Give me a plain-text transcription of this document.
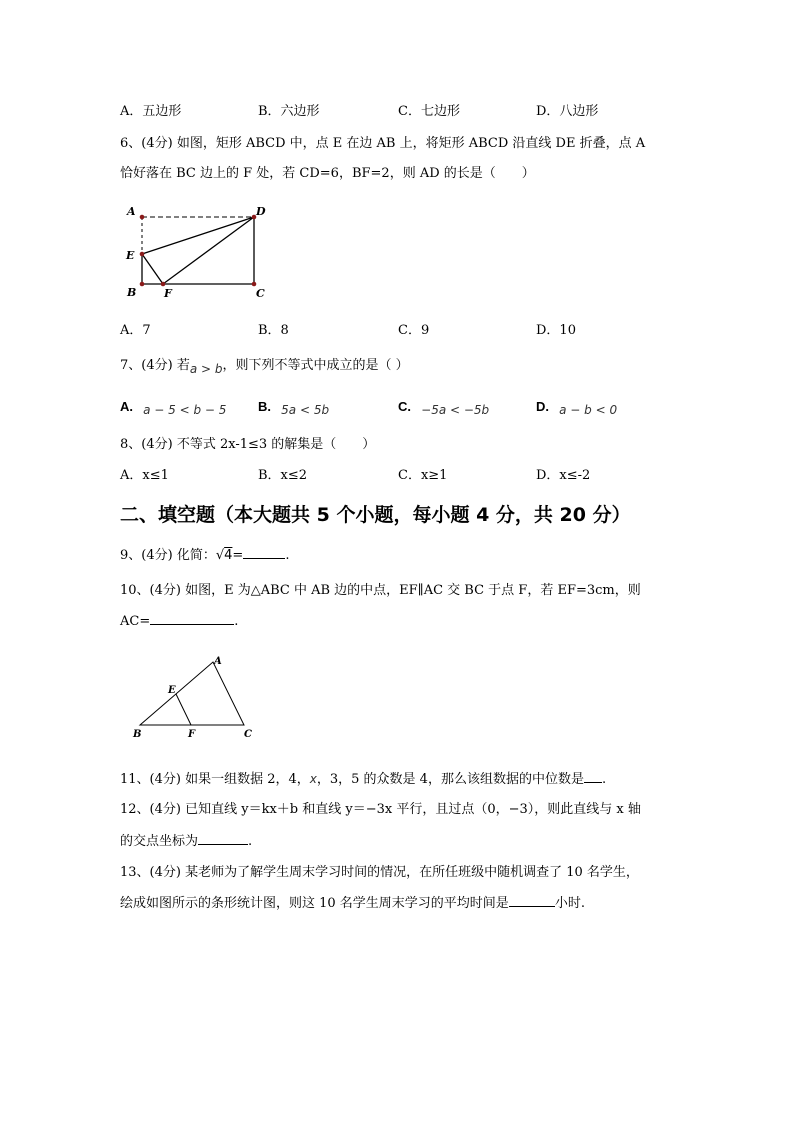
A．五边形	B．六边形	C．七边形	D．八边形
6、(4分) 如图，矩形 ABCD 中，点 E 在边 AB 上，将矩形 ABCD 沿直线 DE 折叠，点 A
恰好落在 BC 边上的 F 处，若 CD=6，BF=2，则 AD 的长是（　　）
A	D
E
B	F	C
A．7	B．8	C．9	D．10
7、(4分) 若a > b，则下列不等式中成立的是（ ）
A. a − 5 < b − 5 B. 5a < 5b	C. −5a < −5b	D. a − b < 0
8、(4分) 不等式 2x-1≤3 的解集是（　　）
A．x≤1	B．x≤2	C．x≥1	D．x≤-2
二、填空题（本大题共 5 个小题，每小题 4 分，共 20 分）
9、(4分) 化简：√4=	.
10、(4分) 如图，E 为△ABC 中 AB 边的中点，EF∥AC 交 BC 于点 F，若 EF=3cm，则
AC=	.
A
E
B	F	C
11、(4分) 如果一组数据 2，4，x，3，5 的众数是 4，那么该组数据的中位数是 .
12、(4分) 已知直线 y＝kx＋b 和直线 y＝−3x 平行，且过点（0，−3），则此直线与 x 轴
的交点坐标为	.
13、(4分) 某老师为了解学生周末学习时间的情况，在所任班级中随机调查了 10 名学生，
绘成如图所示的条形统计图，则这 10 名学生周末学习的平均时间是	小时.
